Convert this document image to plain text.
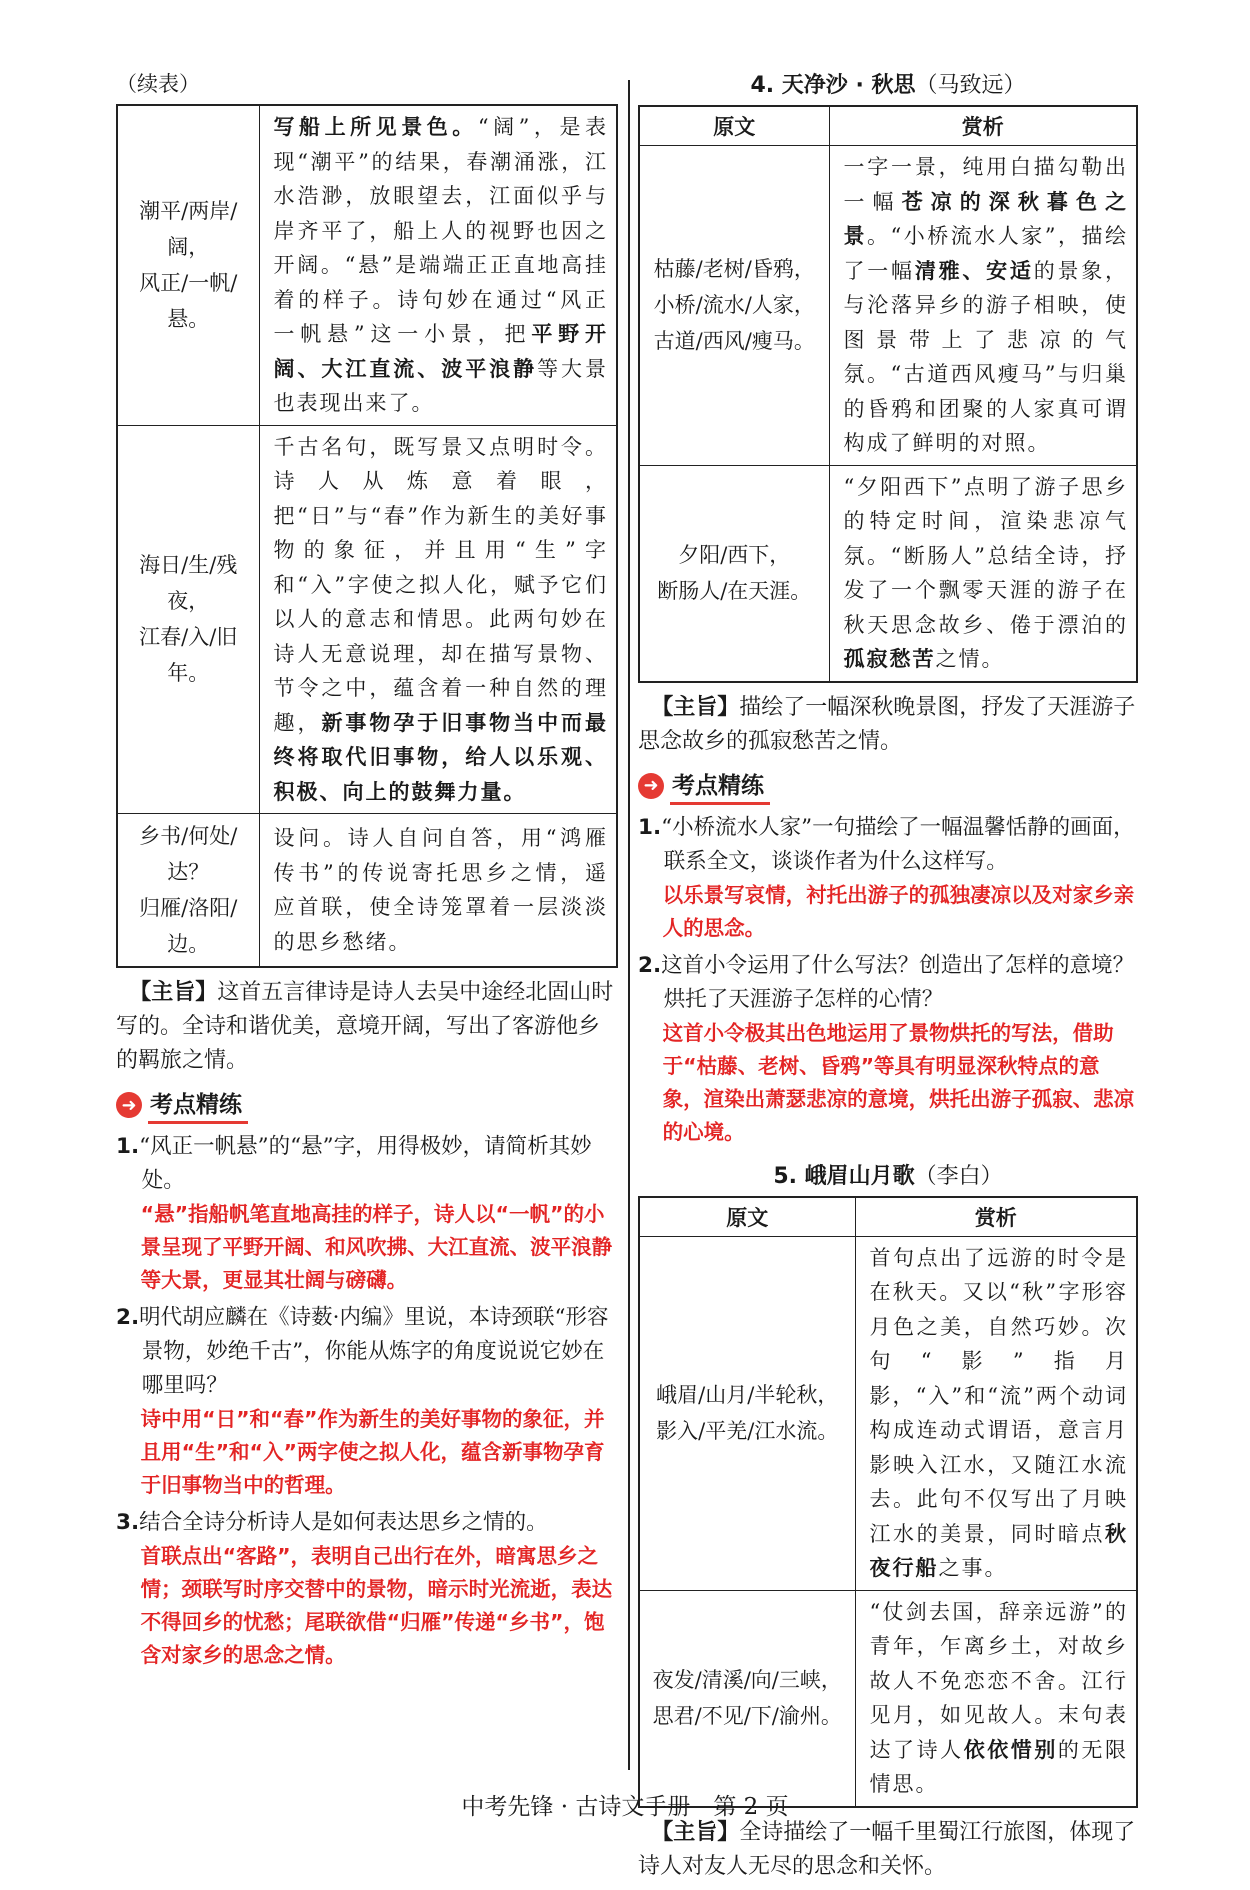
（续表）
潮平/两岸/阔，
风正/一帆/悬。	写船上所见景色。“阔”，是表现“潮平”的结果，春潮涌涨，江水浩渺，放眼望去，江面似乎与岸齐平了，船上人的视野也因之开阔。“悬”是端端正正直地高挂着的样子。诗句妙在通过“风正一帆悬”这一小景，把平野开阔、大江直流、波平浪静等大景也表现出来了。

海日/生/残夜，
江春/入/旧年。	千古名句，既写景又点明时令。诗人从炼意着眼，把“日”与“春”作为新生的美好事物的象征，并且用“生”字和“入”字使之拟人化，赋予它们以人的意志和情思。此两句妙在诗人无意说理，却在描写景物、节令之中，蕴含着一种自然的理趣，新事物孕于旧事物当中而最终将取代旧事物，给人以乐观、积极、向上的鼓舞力量。

乡书/何处/达？
归雁/洛阳/边。	设问。诗人自问自答，用“鸿雁传书”的传说寄托思乡之情，遥应首联，使全诗笼罩着一层淡淡的思乡愁绪。

【主旨】这首五言律诗是诗人去吴中途经北固山时写的。全诗和谐优美，意境开阔，写出了客游他乡的羁旅之情。

➜ 考点精练

1.“风正一帆悬”的“悬”字，用得极妙，请简析其妙处。

“悬”指船帆笔直地高挂的样子，诗人以“一帆”的小景呈现了平野开阔、和风吹拂、大江直流、波平浪静等大景，更显其壮阔与磅礴。

2.明代胡应麟在《诗薮·内编》里说，本诗颈联“形容景物，妙绝千古”，你能从炼字的角度说说它妙在哪里吗？

诗中用“日”和“春”作为新生的美好事物的象征，并且用“生”和“入”两字使之拟人化，蕴含新事物孕育于旧事物当中的哲理。

3.结合全诗分析诗人是如何表达思乡之情的。

首联点出“客路”，表明自己出行在外，暗寓思乡之情；颈联写时序交替中的景物，暗示时光流逝，表达不得回乡的忧愁；尾联欲借“归雁”传递“乡书”，饱含对家乡的思念之情。

4. 天净沙 · 秋思（马致远）
原文	赏析

枯藤/老树/昏鸦，
小桥/流水/人家，
古道/西风/瘦马。	一字一景，纯用白描勾勒出一幅苍凉的深秋暮色之景。“小桥流水人家”，描绘了一幅清雅、安适的景象，与沦落异乡的游子相映，使图景带上了悲凉的气氛。“古道西风瘦马”与归巢的昏鸦和团聚的人家真可谓构成了鲜明的对照。

夕阳/西下，
断肠人/在天涯。	“夕阳西下”点明了游子思乡的特定时间，渲染悲凉气氛。“断肠人”总结全诗，抒发了一个飘零天涯的游子在秋天思念故乡、倦于漂泊的孤寂愁苦之情。

【主旨】描绘了一幅深秋晚景图，抒发了天涯游子思念故乡的孤寂愁苦之情。

➜ 考点精练

1.“小桥流水人家”一句描绘了一幅温馨恬静的画面，联系全文，谈谈作者为什么这样写。

以乐景写哀情，衬托出游子的孤独凄凉以及对家乡亲人的思念。

2.这首小令运用了什么写法？创造出了怎样的意境？烘托了天涯游子怎样的心情？

这首小令极其出色地运用了景物烘托的写法，借助于“枯藤、老树、昏鸦”等具有明显深秋特点的意象，渲染出萧瑟悲凉的意境，烘托出游子孤寂、悲凉的心境。

5. 峨眉山月歌（李白）
原文	赏析

峨眉/山月/半轮秋，
影入/平羌/江水流。	首句点出了远游的时令是在秋天。又以“秋”字形容月色之美，自然巧妙。次句“影”指月影，“入”和“流”两个动词构成连动式谓语，意言月影映入江水，又随江水流去。此句不仅写出了月映江水的美景，同时暗点秋夜行船之事。

夜发/清溪/向/三峡，
思君/不见/下/渝州。	“仗剑去国，辞亲远游”的青年，乍离乡土，对故乡故人不免恋恋不舍。江行见月，如见故人。末句表达了诗人依依惜别的无限情思。

【主旨】全诗描绘了一幅千里蜀江行旅图，体现了诗人对友人无尽的思念和关怀。

中考先锋 · 古诗文手册　第 2 页
